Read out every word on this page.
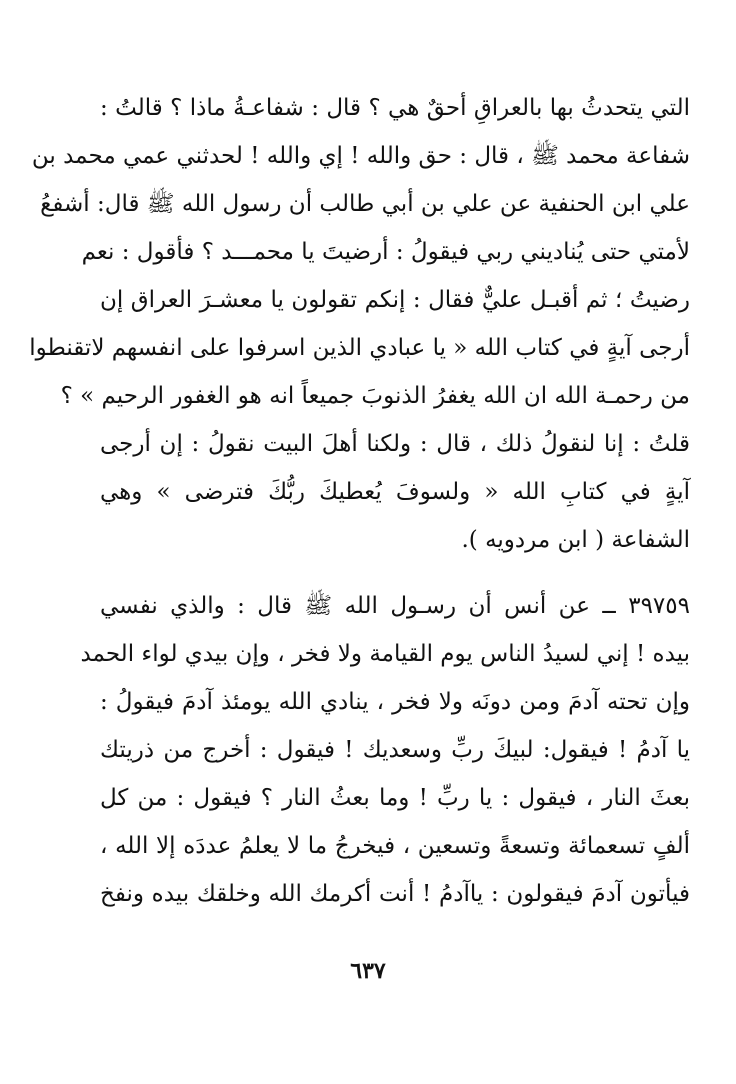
التي يتحدثُ بها بالعراقِ أحقٌ هي ؟ قال : شفاعـةُ ماذا ؟ قالتُ :
شفاعة محمد ﷺ ، قال : حق والله ! إي والله ! لحدثني عمي محمد بن
علي ابن الحنفية عن علي بن أبي طالب أن رسول الله ﷺ قال: أشفعُ
لأمتي حتى يُناديني ربي فيقولُ : أرضيتَ يا محمـــد ؟ فأقول : نعم
رضيتُ ؛ ثم أقبـل عليٌّ فقال : إنكم تقولون يا معشـرَ العراق إن
أرجى آيةٍ في كتاب الله « يا عبادي الذين اسرفوا على انفسهم لاتقنطوا
من رحمـة الله ان الله يغفرُ الذنوبَ جميعاً انه هو الغفور الرحيم » ؟
قلتُ : إنا لنقولُ ذلك ، قال : ولكنا أهلَ البيت نقولُ : إن أرجى
آيةٍ في كتابِ الله « ولسوفَ يُعطيكَ ربُّكَ فترضى » وهي
الشفاعة ( ابن مردويه ).
٣٩٧٥٩ ــ عن أنس أن رسـول الله ﷺ قال : والذي نفسي
بيده ! إني لسيدُ الناس يوم القيامة ولا فخر ، وإن بيدي لواء الحمد
وإن تحته آدمَ ومن دونَه ولا فخر ، ينادي الله يومئذ آدمَ فيقولُ :
يا آدمُ ! فيقول: لبيكَ ربِّ وسعديك ! فيقول : أخرج من ذريتك
بعثَ النار ، فيقول : يا ربِّ ! وما بعثُ النار ؟ فيقول : من كل
ألفٍ تسعمائة وتسعةً وتسعين ، فيخرجُ ما لا يعلمُ عددَه إلا الله ،
فيأتون آدمَ فيقولون : ياآدمُ ! أنت أكرمك الله وخلقك بيده ونفخ
٦٣٧
